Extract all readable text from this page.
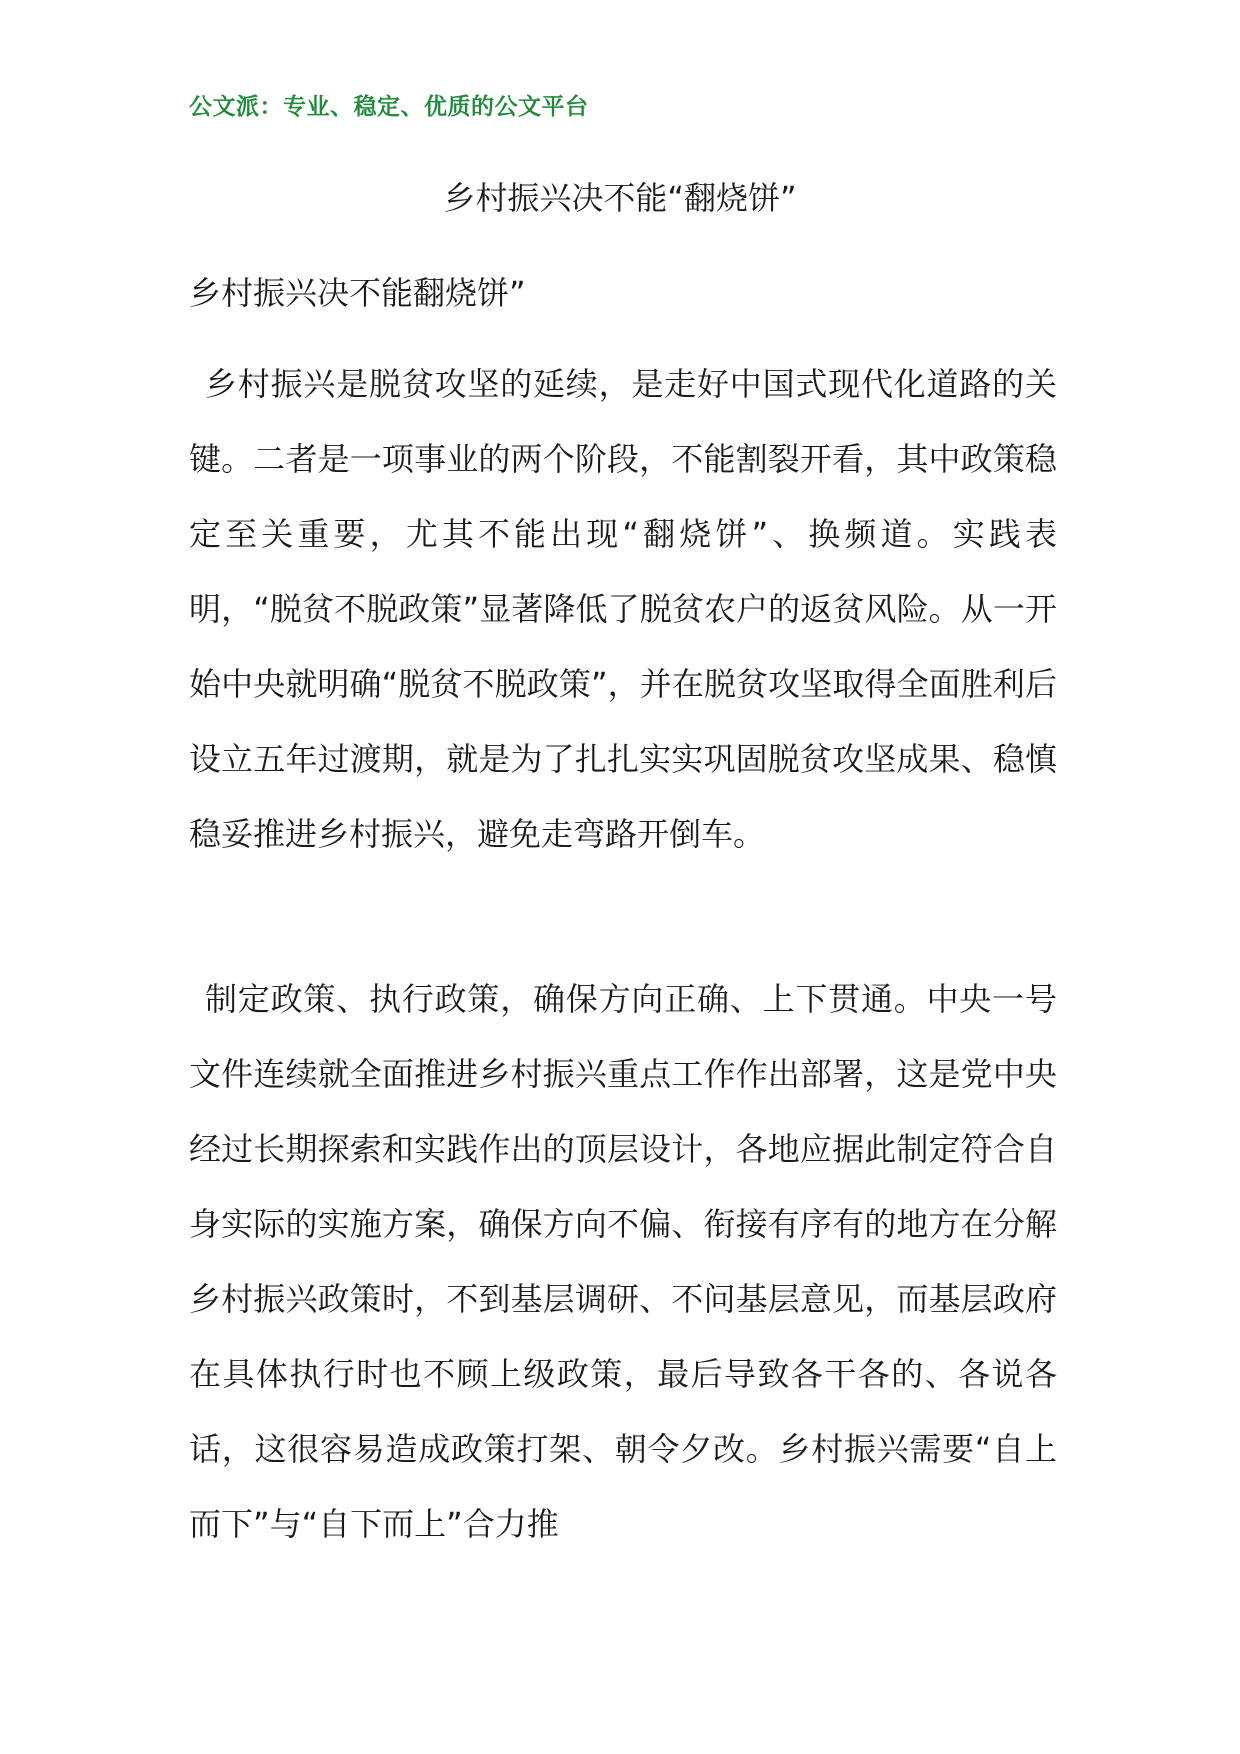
公文派：专业、稳定、优质的公文平台
乡村振兴决不能“翻烧饼”
乡村振兴决不能翻烧饼”

乡村振兴是脱贫攻坚的延续，是走好中国式现代化道路的关键。二者是一项事业的两个阶段，不能割裂开看，其中政策稳定至关重要，尤其不能出现“翻烧饼”、换频道。实践表明，“脱贫不脱政策”显著降低了脱贫农户的返贫风险。从一开始中央就明确“脱贫不脱政策”，并在脱贫攻坚取得全面胜利后设立五年过渡期，就是为了扎扎实实巩固脱贫攻坚成果、稳慎稳妥推进乡村振兴，避免走弯路开倒车。

制定政策、执行政策，确保方向正确、上下贯通。中央一号文件连续就全面推进乡村振兴重点工作作出部署，这是党中央经过长期探索和实践作出的顶层设计，各地应据此制定符合自身实际的实施方案，确保方向不偏、衔接有序有的地方在分解乡村振兴政策时，不到基层调研、不问基层意见，而基层政府在具体执行时也不顾上级政策，最后导致各干各的、各说各话，这很容易造成政策打架、朝令夕改。乡村振兴需要“自上而下”与“自下而上”合力推
